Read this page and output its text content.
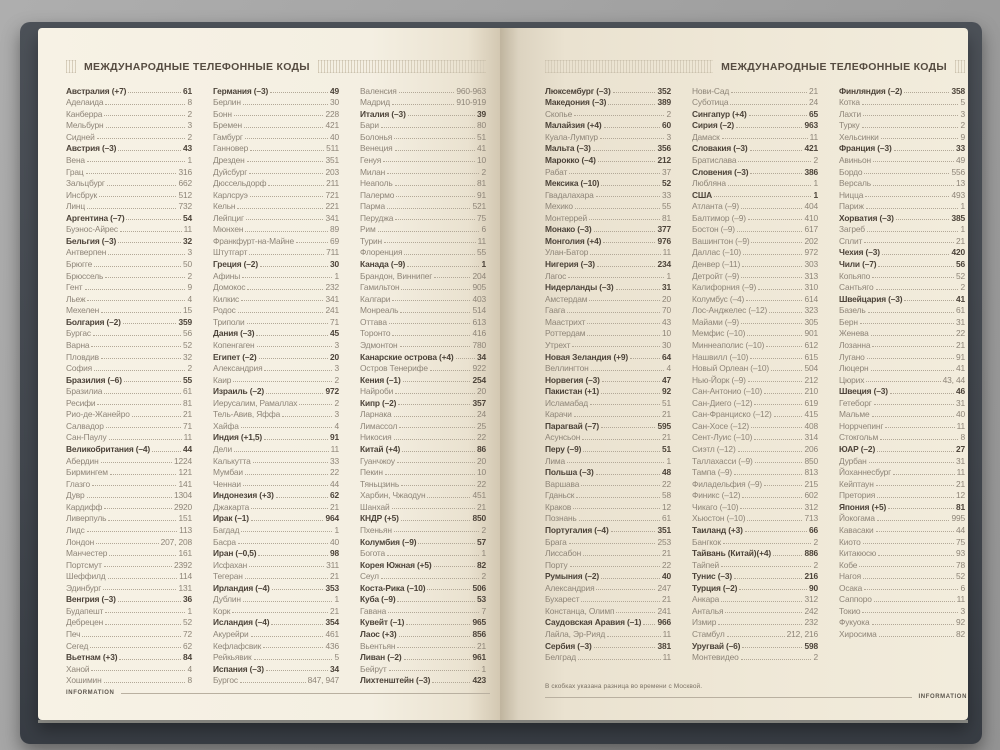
МЕЖДУНАРОДНЫЕ ТЕЛЕФОННЫЕ КОДЫ
Австралия (+7)	61
Аделаида	8
Канберра	2
Мельбурн	3
Сидней	2
Австрия (–3)	43
Вена	1
Грац	316
Зальцбург	662
Инсбрук	512
Линц	732
Аргентина (–7)	54
Буэнос-Айрес	11
Бельгия (–3)	32
Антверпен	3
Брюгге	50
Брюссель	2
Гент	9
Льеж	4
Мехелен	15
Болгария (–2)	359
Бургас	56
Варна	52
Пловдив	32
София	2
Бразилия (–6)	55
Бразилиа	61
Ресифи	81
Рио-де-Жанейро	21
Салвадор	71
Сан-Паулу	11
Великобритания (–4)	44
Абердин	1224
Бирмингем	121
Глазго	141
Дувр	1304
Кардифф	2920
Ливерпуль	151
Лидс	113
Лондон	207, 208
Манчестер	161
Портсмут	2392
Шеффилд	114
Эдинбург	131
Венгрия (–3)	36
Будапешт	1
Дебрецен	52
Печ	72
Сегед	62
Вьетнам (+3)	84
Ханой	4
Хошимин	8
Германия (–3)	49
Берлин	30
Бонн	228
Бремен	421
Гамбург	40
Ганновер	511
Дрезден	351
Дуйсбург	203
Дюссельдорф	211
Карлсруэ	721
Кельн	221
Лейпциг	341
Мюнхен	89
Франкфурт-на-Майне	69
Штутгарт	711
Греция (–2)	30
Афины	1
Домокос	232
Килкис	341
Родос	241
Триполи	71
Дания (–3)	45
Копенгаген	3
Египет (–2)	20
Александрия	3
Каир	2
Израиль (–2)	972
Иерусалим, Рамаллах	2
Тель-Авив, Яффа	3
Хайфа	4
Индия (+1,5)	91
Дели	11
Калькутта	33
Мумбаи	22
Ченнаи	44
Индонезия (+3)	62
Джакарта	21
Ирак (–1)	964
Багдад	1
Басра	40
Иран (–0,5)	98
Исфахан	311
Тегеран	21
Ирландия (–4)	353
Дублин	1
Корк	21
Исландия (–4)	354
Акурейри	461
Кефлафсвик	436
Рейкьявик	5
Испания (–3)	34
Бургос	847, 947
Валенсия	960-963
Мадрид	910-919
Италия (–3)	39
Бари	80
Болонья	51
Венеция	41
Генуя	10
Милан	2
Неаполь	81
Палермо	91
Парма	521
Перуджа	75
Рим	6
Турин	11
Флоренция	55
Канада (–9)	1
Брандон, Виннипег	204
Гамильтон	905
Калгари	403
Монреаль	514
Оттава	613
Торонто	416
Эдмонтон	780
Канарские острова (+4)	34
Остров Тенерифе	922
Кения (–1)	254
Найроби	20
Кипр (–2)	357
Ларнака	24
Лимассол	25
Никосия	22
Китай (+4)	86
Гуанчжоу	20
Пекин	10
Тяньцзинь	22
Харбин, Чжаодун	451
Шанхай	21
КНДР (+5)	850
Пхеньян	2
Колумбия (–9)	57
Богота	1
Корея Южная (+5)	82
Сеул	2
Коста-Рика (–10)	506
Куба (–9)	53
Гавана	7
Кувейт (–1)	965
Лаос (+3)	856
Вьентьян	21
Ливан (–2)	961
Бейрут	1
Лихтенштейн (–3)	423
INFORMATION
МЕЖДУНАРОДНЫЕ ТЕЛЕФОННЫЕ КОДЫ
Люксембург (–3)	352
Македония (–3)	389
Скопье	2
Малайзия (+4)	60
Куала-Лумпур	3
Мальта (–3)	356
Марокко (–4)	212
Рабат	37
Мексика (–10)	52
Гвадалахара	33
Мехико	55
Монтеррей	81
Монако (–3)	377
Монголия (+4)	976
Улан-Батор	11
Нигерия (–3)	234
Лагос	1
Нидерланды (–3)	31
Амстердам	20
Гаага	70
Маастрихт	43
Роттердам	10
Утрехт	30
Новая Зеландия (+9)	64
Веллингтон	4
Норвегия (–3)	47
Пакистан (+1)	92
Исламабад	51
Карачи	21
Парагвай (–7)	595
Асунсьон	21
Перу (–9)	51
Лима	1
Польша (–3)	48
Варшава	22
Гданьск	58
Краков	12
Познань	61
Португалия (–4)	351
Брага	253
Лиссабон	21
Порту	22
Румыния (–2)	40
Александрия	247
Бухарест	21
Констанца, Олимп	241
Саудовская Аравия (–1) 966
Лайла, Эр-Рияд	11
Сербия (–3)	381
Белград	11
Нови-Сад	21
Суботица	24
Сингапур (+4)	65
Сирия (–2)	963
Дамаск	11
Словакия (–3)	421
Братислава	2
Словения (–3)	386
Любляна	1
США	1
Атланта (–9)	404
Балтимор (–9)	410
Бостон (–9)	617
Вашингтон (–9)	202
Даллас (–10)	972
Денвер (–11)	303
Детройт (–9)	313
Калифорния (–9)	310
Колумбус (–4)	614
Лос-Анджелес (–12)	323
Майами (–9)	305
Мемфис (–10)	901
Миннеаполис (–10)	612
Нашвилл (–10)	615
Новый Орлеан (–10)	504
Нью-Йорк (–9)	212
Сан-Антонио (–10)	210
Сан-Диего (–12)	619
Сан-Франциско (–12)	415
Сан-Хосе (–12)	408
Сент-Луис (–10)	314
Сиэтл (–12)	206
Таллахасси (–9)	850
Тампа (–9)	813
Филадельфия (–9)	215
Финикс (–12)	602
Чикаго (–10)	312
Хьюстон (–10)	713
Таиланд (+3)	66
Бангкок	2
Тайвань (Китай)(+4)	886
Тайпей	2
Тунис (–3)	216
Турция (–2)	90
Анкара	312
Анталья	242
Измир	232
Стамбул	212, 216
Уругвай (–6)	598
Монтевидео	2
Финляндия (–2)	358
Котка	5
Лахти	3
Турку	2
Хельсинки	9
Франция (–3)	33
Авиньон	49
Бордо	556
Версаль	13
Ницца	493
Париж	1
Хорватия (–3)	385
Загреб	1
Сплит	21
Чехия (–3)	420
Чили (–7)	56
Копьяпо	52
Сантьяго	2
Швейцария (–3)	41
Базель	61
Берн	31
Женева	22
Лозанна	21
Лугано	91
Люцерн	41
Цюрих	43, 44
Швеция (–3)	46
Гетеборг	31
Мальме	40
Норрчепинг	11
Стокгольм	8
ЮАР (–2)	27
Дурбан	31
Йоханнесбург	11
Кейптаун	21
Претория	12
Япония (+5)	81
Йокогама	995
Кавасаки	44
Киото	75
Китакюсю	93
Кобе	78
Нагоя	52
Осака	6
Саппоро	11
Токио	3
Фукуока	92
Хиросима	82
В скобках указана разница во времени с Москвой.
INFORMATION
